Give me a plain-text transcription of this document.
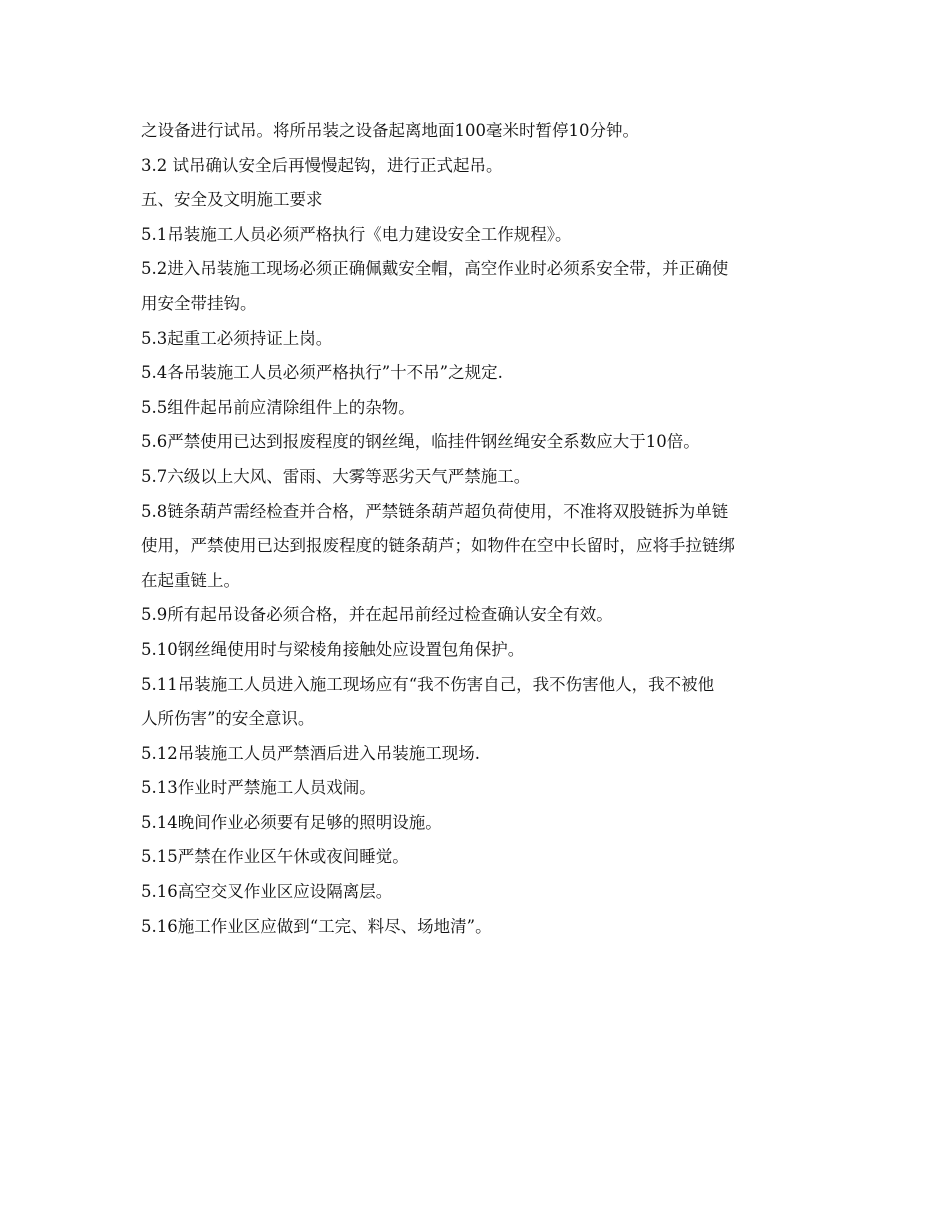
之设备进行试吊。将所吊装之设备起离地面100毫米时暂停10分钟。
3.2 试吊确认安全后再慢慢起钩，进行正式起吊。
五、安全及文明施工要求
5.1吊装施工人员必须严格执行《电力建设安全工作规程》。
5.2进入吊装施工现场必须正确佩戴安全帽，高空作业时必须系安全带，并正确使
用安全带挂钩。
5.3起重工必须持证上岗。
5.4各吊装施工人员必须严格执行”十不吊”之规定.
5.5组件起吊前应清除组件上的杂物。
5.6严禁使用已达到报废程度的钢丝绳，临挂件钢丝绳安全系数应大于10倍。
5.7六级以上大风、雷雨、大雾等恶劣天气严禁施工。
5.8链条葫芦需经检查并合格，严禁链条葫芦超负荷使用，不准将双股链拆为单链
使用，严禁使用已达到报废程度的链条葫芦；如物件在空中长留时，应将手拉链绑
在起重链上。
5.9所有起吊设备必须合格，并在起吊前经过检查确认安全有效。
5.10钢丝绳使用时与梁棱角接触处应设置包角保护。
5.11吊装施工人员进入施工现场应有“我不伤害自己，我不伤害他人，我不被他
人所伤害”的安全意识。
5.12吊装施工人员严禁酒后进入吊装施工现场.
5.13作业时严禁施工人员戏闹。
5.14晚间作业必须要有足够的照明设施。
5.15严禁在作业区午休或夜间睡觉。
5.16高空交叉作业区应设隔离层。
5.16施工作业区应做到“工完、料尽、场地清”。
